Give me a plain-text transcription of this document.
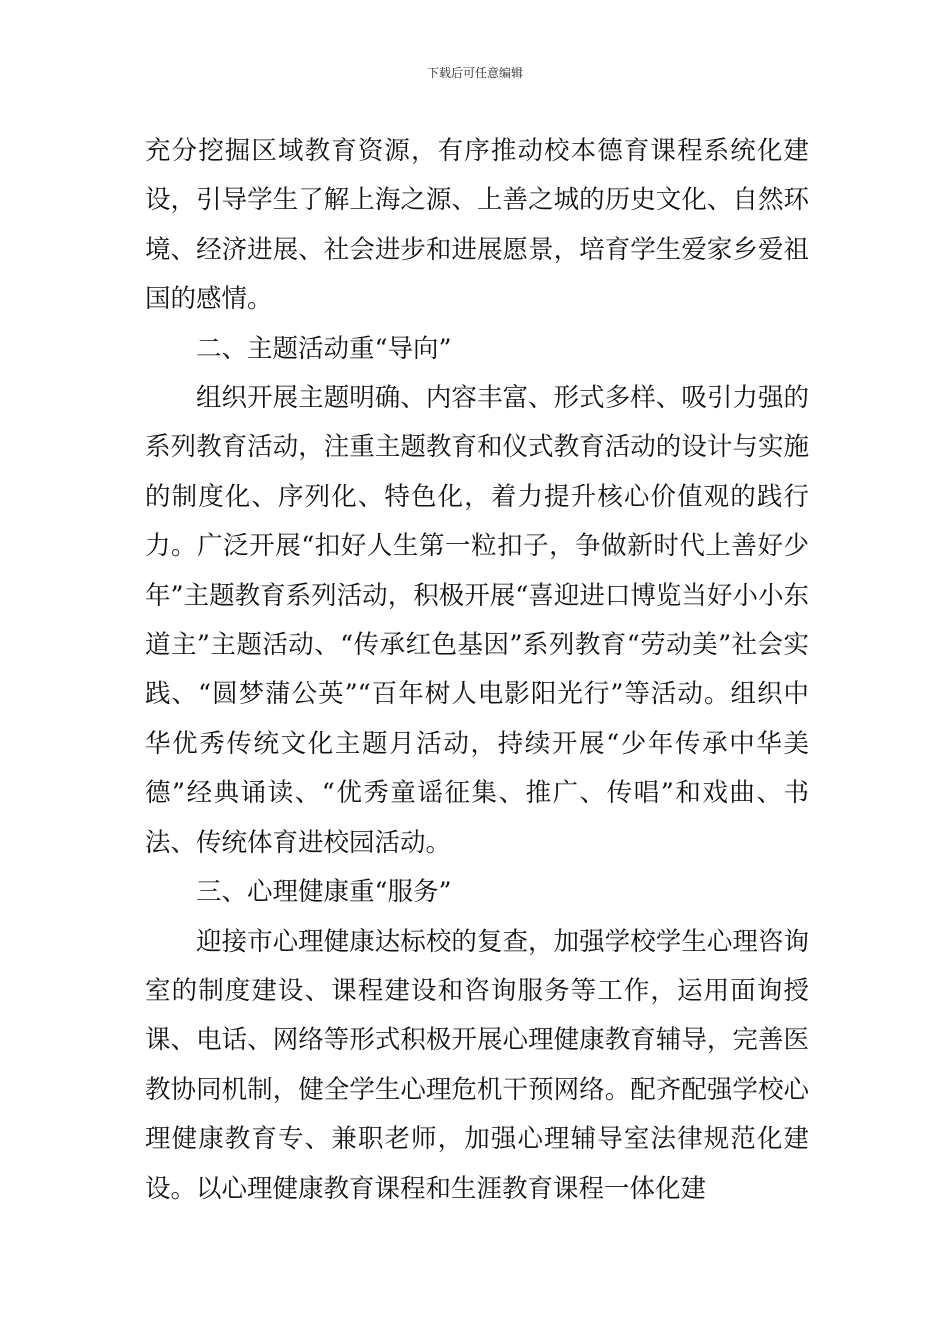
下载后可任意编辑

充分挖掘区域教育资源，有序推动校本德育课程系统化建设，引导学生了解上海之源、上善之城的历史文化、自然环境、经济进展、社会进步和进展愿景，培育学生爱家乡爱祖国的感情。

二、主题活动重“导向”

组织开展主题明确、内容丰富、形式多样、吸引力强的系列教育活动，注重主题教育和仪式教育活动的设计与实施的制度化、序列化、特色化，着力提升核心价值观的践行力。广泛开展“扣好人生第一粒扣子，争做新时代上善好少年”主题教育系列活动，积极开展“喜迎进口博览当好小小东道主”主题活动、“传承红色基因”系列教育“劳动美”社会实践、“圆梦蒲公英”“百年树人电影阳光行”等活动。组织中华优秀传统文化主题月活动，持续开展“少年传承中华美德”经典诵读、“优秀童谣征集、推广、传唱”和戏曲、书法、传统体育进校园活动。

三、心理健康重“服务”

迎接市心理健康达标校的复查，加强学校学生心理咨询室的制度建设、课程建设和咨询服务等工作，运用面询授课、电话、网络等形式积极开展心理健康教育辅导，完善医教协同机制，健全学生心理危机干预网络。配齐配强学校心理健康教育专、兼职老师，加强心理辅导室法律规范化建设。以心理健康教育课程和生涯教育课程一体化建
